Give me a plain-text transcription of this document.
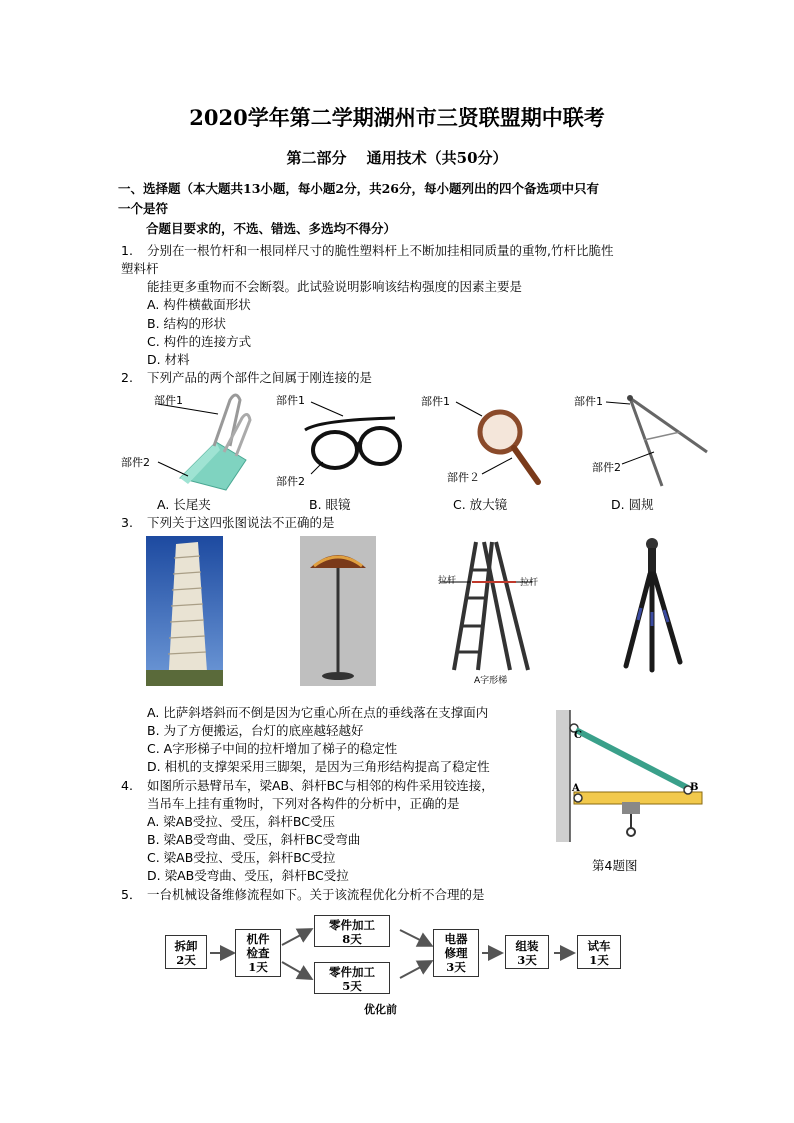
2020学年第二学期湖州市三贤联盟期中联考
第二部分　 通用技术（共50分）
一、选择题（本大题共13小题，每小题2分，共26分，每小题列出的四个备选项中只有
一个是符
合题目要求的，不选、错选、多选均不得分）
1. 分别在一根竹杆和一根同样尺寸的脆性塑料杆上不断加挂相同质量的重物,竹杆比脆性
能挂更多重物而不会断裂。此试验说明影响该结构强度的因素主要是
A. 构件横截面形状
B. 结构的形状
C. 构件的连接方式
D. 材料
2. 下列产品的两个部件之间属于刚连接的是
部件1
部件2
部件1
部件2
部件1
部件２
部件1
部件2
A. 长尾夹	B. 眼镜	C. 放大镜	D. 圆规
3. 下列关于这四张图说法不正确的是
拉杆	拉杆
A字形梯
A. 比萨斜塔斜而不倒是因为它重心所在点的垂线落在支撑面内
B. 为了方便搬运，台灯的底座越轻越好
C. A字形梯子中间的拉杆增加了梯子的稳定性
D. 相机的支撑架采用三脚架，是因为三角形结构提高了稳定性
C
A	B
第4题图
4. 如图所示悬臂吊车，梁AB、斜杆BC与相邻的构件采用铰连接，
当吊车上挂有重物时，下列对各构件的分析中，正确的是
A. 梁AB受拉、受压，斜杆BC受压
B. 梁AB受弯曲、受压，斜杆BC受弯曲
C. 梁AB受拉、受压，斜杆BC受拉
D. 梁AB受弯曲、受压，斜杆BC受拉
5． 一台机械设备维修流程如下。关于该流程优化分析不合理的是
拆卸
2天
机件
检查
1天
零件加工
8天
零件加工
5天
电器
修理
3天
组装
3天
试车
1天
优化前
塑料杆
